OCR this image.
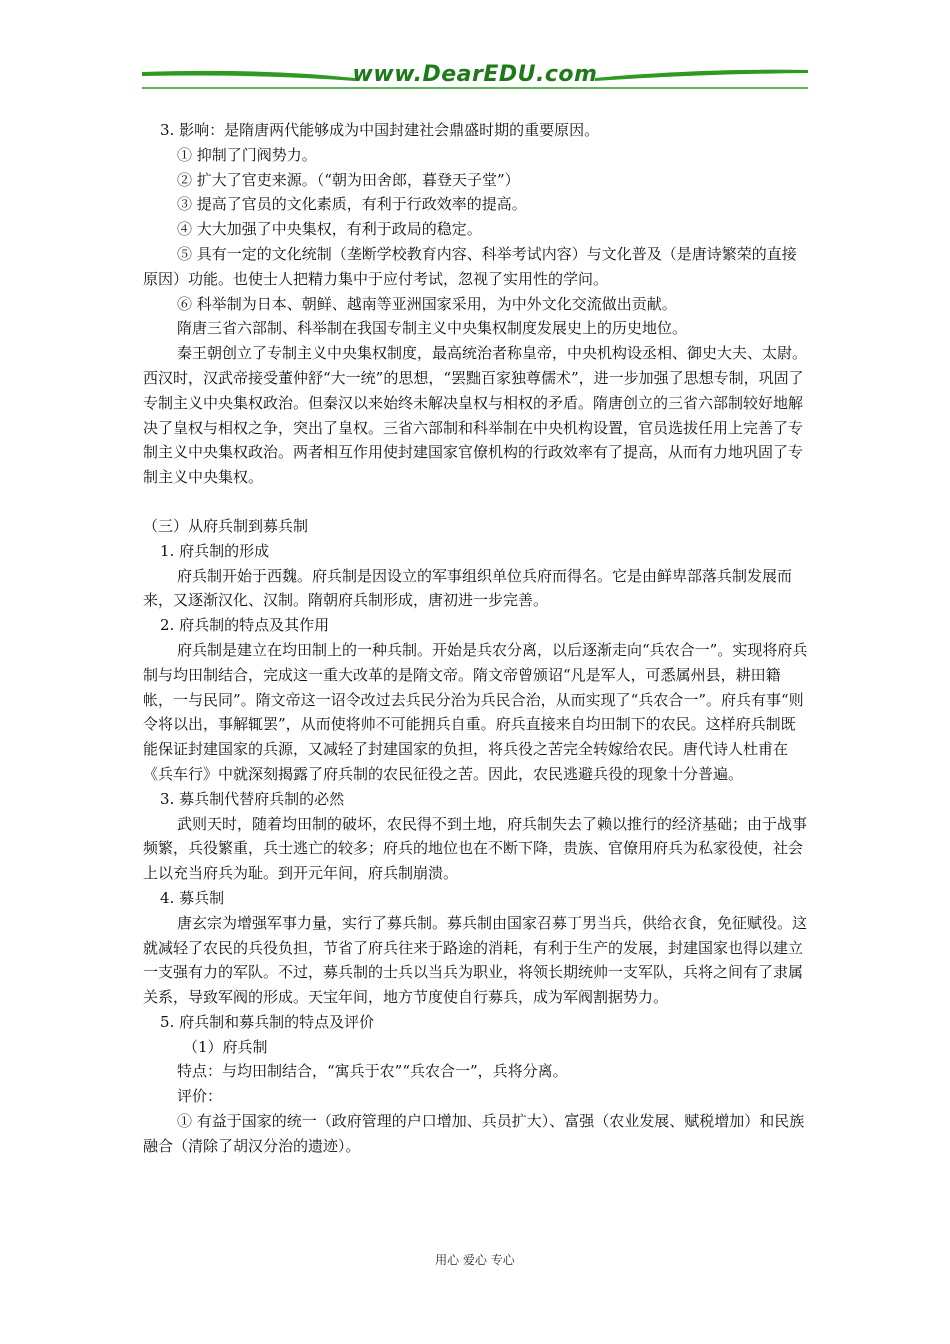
www.DearEDU.com

3. 影响：是隋唐两代能够成为中国封建社会鼎盛时期的重要原因。

① 抑制了门阀势力。

② 扩大了官吏来源。（“朝为田舍郎，暮登天子堂”）

③ 提高了官员的文化素质，有利于行政效率的提高。

④ 大大加强了中央集权，有利于政局的稳定。

⑤ 具有一定的文化统制（垄断学校教育内容、科举考试内容）与文化普及（是唐诗繁荣的直接原因）功能。也使士人把精力集中于应付考试，忽视了实用性的学问。

⑥ 科举制为日本、朝鲜、越南等亚洲国家采用，为中外文化交流做出贡献。

隋唐三省六部制、科举制在我国专制主义中央集权制度发展史上的历史地位。

秦王朝创立了专制主义中央集权制度，最高统治者称皇帝，中央机构设丞相、御史大夫、太尉。西汉时，汉武帝接受董仲舒“大一统”的思想，“罢黜百家独尊儒术”，进一步加强了思想专制，巩固了专制主义中央集权政治。但秦汉以来始终未解决皇权与相权的矛盾。隋唐创立的三省六部制较好地解决了皇权与相权之争，突出了皇权。三省六部制和科举制在中央机构设置，官员选拔任用上完善了专制主义中央集权政治。两者相互作用使封建国家官僚机构的行政效率有了提高，从而有力地巩固了专制主义中央集权。

（三）从府兵制到募兵制

1. 府兵制的形成

府兵制开始于西魏。府兵制是因设立的军事组织单位兵府而得名。它是由鲜卑部落兵制发展而来，又逐渐汉化、汉制。隋朝府兵制形成，唐初进一步完善。

2. 府兵制的特点及其作用

府兵制是建立在均田制上的一种兵制。开始是兵农分离，以后逐渐走向“兵农合一”。实现将府兵制与均田制结合，完成这一重大改革的是隋文帝。隋文帝曾颁诏“凡是军人，可悉属州县，耕田籍帐，一与民同”。隋文帝这一诏令改过去兵民分治为兵民合治，从而实现了“兵农合一”。府兵有事“则令将以出，事解辄罢”，从而使将帅不可能拥兵自重。府兵直接来自均田制下的农民。这样府兵制既能保证封建国家的兵源，又减轻了封建国家的负担，将兵役之苦完全转嫁给农民。唐代诗人杜甫在《兵车行》中就深刻揭露了府兵制的农民征役之苦。因此，农民逃避兵役的现象十分普遍。

3. 募兵制代替府兵制的必然

武则天时，随着均田制的破坏，农民得不到土地，府兵制失去了赖以推行的经济基础；由于战事频繁，兵役繁重，兵士逃亡的较多；府兵的地位也在不断下降，贵族、官僚用府兵为私家役使，社会上以充当府兵为耻。到开元年间，府兵制崩溃。

4. 募兵制

唐玄宗为增强军事力量，实行了募兵制。募兵制由国家召募丁男当兵，供给衣食，免征赋役。这就减轻了农民的兵役负担，节省了府兵往来于路途的消耗，有利于生产的发展，封建国家也得以建立一支强有力的军队。不过，募兵制的士兵以当兵为职业，将领长期统帅一支军队，兵将之间有了隶属关系，导致军阀的形成。天宝年间，地方节度使自行募兵，成为军阀割据势力。

5. 府兵制和募兵制的特点及评价

（1）府兵制

特点：与均田制结合，“寓兵于农”“兵农合一”，兵将分离。

评价：

① 有益于国家的统一（政府管理的户口增加、兵员扩大）、富强（农业发展、赋税增加）和民族融合（清除了胡汉分治的遗迹）。

用心 爱心 专心
